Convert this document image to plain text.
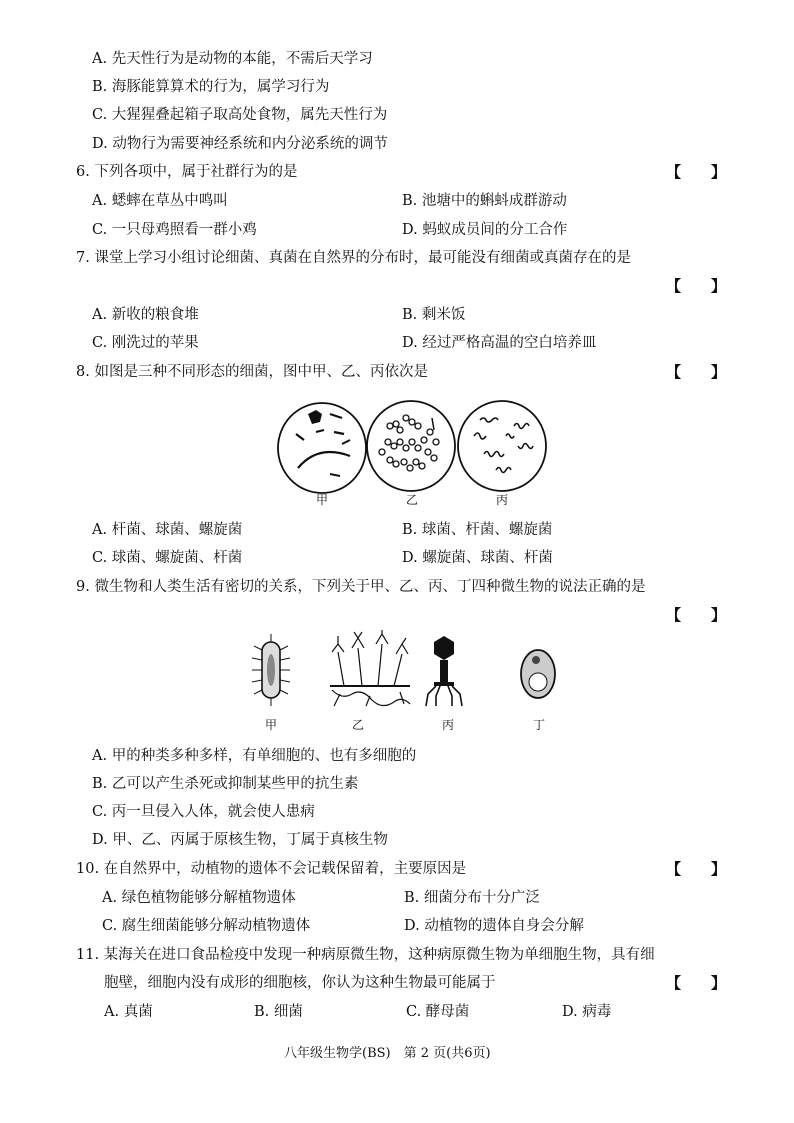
A. 先天性行为是动物的本能，不需后天学习
B. 海豚能算算术的行为，属学习行为
C. 大猩猩叠起箱子取高处食物，属先天性行为
D. 动物行为需要神经系统和内分泌系统的调节
6. 下列各项中，属于社群行为的是	【　　】
A. 蟋蟀在草丛中鸣叫	B. 池塘中的蝌蚪成群游动
C. 一只母鸡照看一群小鸡	D. 蚂蚁成员间的分工合作
7. 课堂上学习小组讨论细菌、真菌在自然界的分布时，最可能没有细菌或真菌存在的是
【　　】
A. 新收的粮食堆	B. 剩米饭
C. 刚洗过的苹果	D. 经过严格高温的空白培养皿
8. 如图是三种不同形态的细菌，图中甲、乙、丙依次是	【　　】
甲	乙	丙
A. 杆菌、球菌、螺旋菌	B. 球菌、杆菌、螺旋菌
C. 球菌、螺旋菌、杆菌	D. 螺旋菌、球菌、杆菌
9. 微生物和人类生活有密切的关系，下列关于甲、乙、丙、丁四种微生物的说法正确的是
【　　】
甲	乙	丙	丁
A. 甲的种类多种多样，有单细胞的、也有多细胞的
B. 乙可以产生杀死或抑制某些甲的抗生素
C. 丙一旦侵入人体，就会使人患病
D. 甲、乙、丙属于原核生物，丁属于真核生物
10. 在自然界中，动植物的遗体不会记载保留着，主要原因是	【　　】
A. 绿色植物能够分解植物遗体	B. 细菌分布十分广泛
C. 腐生细菌能够分解动植物遗体	D. 动植物的遗体自身会分解
11. 某海关在进口食品检疫中发现一种病原微生物，这种病原微生物为单细胞生物，具有细
胞壁，细胞内没有成形的细胞核，你认为这种生物最可能属于	【　　】
A. 真菌	B. 细菌	C. 酵母菌	D. 病毒
八年级生物学(BS)　第 2 页(共6页)
